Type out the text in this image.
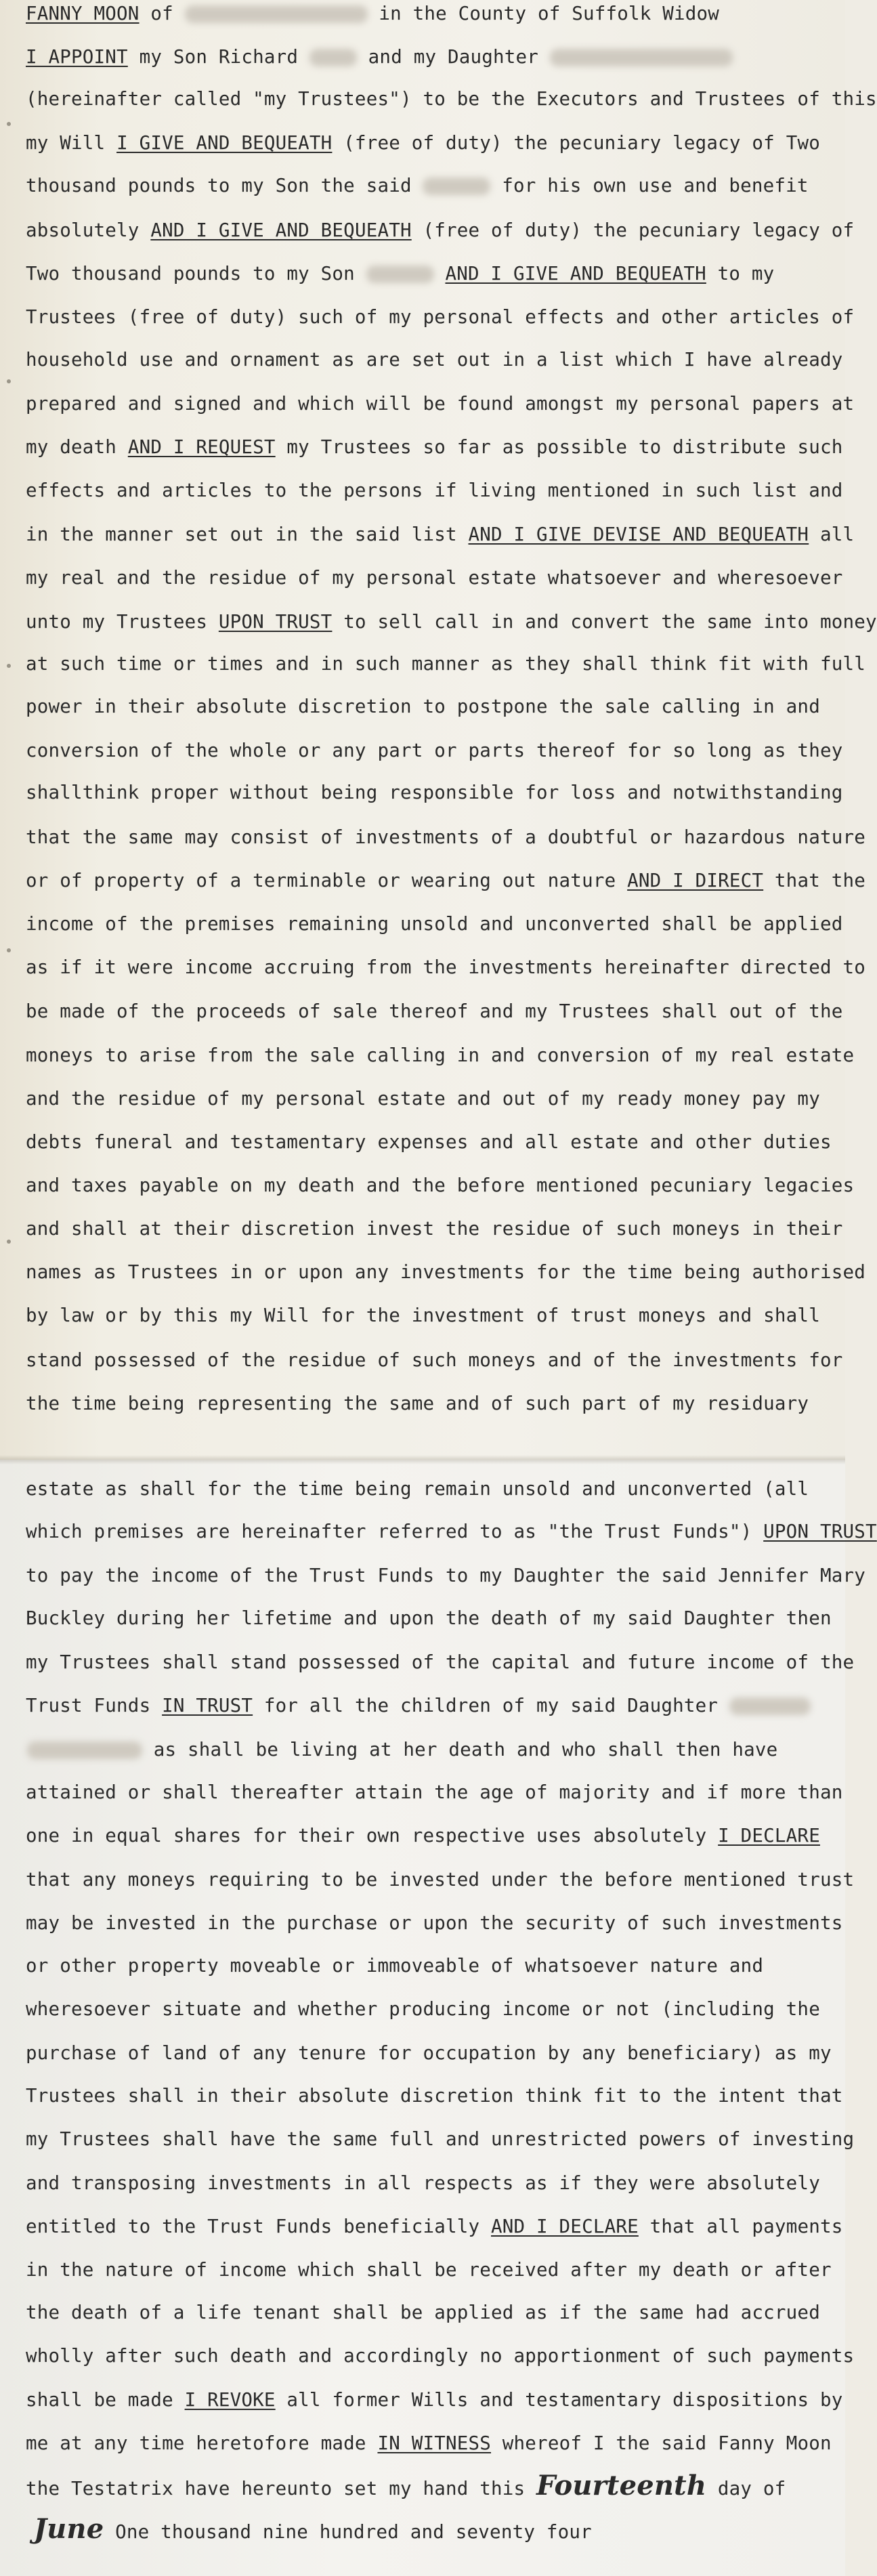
FANNY MOON of	in the County of Suffolk Widow
I APPOINT my Son Richard	and my Daughter
(hereinafter called "my Trustees") to be the Executors and Trustees of this
my Will I GIVE AND BEQUEATH (free of duty) the pecuniary legacy of Two
thousand pounds to my Son the said	for his own use and benefit
absolutely AND I GIVE AND BEQUEATH (free of duty) the pecuniary legacy of
Two thousand pounds to my Son	AND I GIVE AND BEQUEATH to my
Trustees (free of duty) such of my personal effects and other articles of
household use and ornament as are set out in a list which I have already
prepared and signed and which will be found amongst my personal papers at
my death AND I REQUEST my Trustees so far as possible to distribute such
effects and articles to the persons if living mentioned in such list and
in the manner set out in the said list AND I GIVE DEVISE AND BEQUEATH all
my real and the residue of my personal estate whatsoever and wheresoever
unto my Trustees UPON TRUST to sell call in and convert the same into money
at such time or times and in such manner as they shall think fit with full
power in their absolute discretion to postpone the sale calling in and
conversion of the whole or any part or parts thereof for so long as they
shallthink proper without being responsible for loss and notwithstanding
that the same may consist of investments of a doubtful or hazardous nature
or of property of a terminable or wearing out nature AND I DIRECT that the
income of the premises remaining unsold and unconverted shall be applied
as if it were income accruing from the investments hereinafter directed to
be made of the proceeds of sale thereof and my Trustees shall out of the
moneys to arise from the sale calling in and conversion of my real estate
and the residue of my personal estate and out of my ready money pay my
debts funeral and testamentary expenses and all estate and other duties
and taxes payable on my death and the before mentioned pecuniary legacies
and shall at their discretion invest the residue of such moneys in their
names as Trustees in or upon any investments for the time being authorised
by law or by this my Will for the investment of trust moneys and shall
stand possessed of the residue of such moneys and of the investments for
the time being representing the same and of such part of my residuary
estate as shall for the time being remain unsold and unconverted (all
which premises are hereinafter referred to as "the Trust Funds") UPON TRUST
to pay the income of the Trust Funds to my Daughter the said Jennifer Mary
Buckley during her lifetime and upon the death of my said Daughter then
my Trustees shall stand possessed of the capital and future income of the
Trust Funds IN TRUST for all the children of my said Daughter
as shall be living at her death and who shall then have
attained or shall thereafter attain the age of majority and if more than
one in equal shares for their own respective uses absolutely I DECLARE
that any moneys requiring to be invested under the before mentioned trust
may be invested in the purchase or upon the security of such investments
or other property moveable or immoveable of whatsoever nature and
wheresoever situate and whether producing income or not (including the
purchase of land of any tenure for occupation by any beneficiary) as my
Trustees shall in their absolute discretion think fit to the intent that
my Trustees shall have the same full and unrestricted powers of investing
and transposing investments in all respects as if they were absolutely
entitled to the Trust Funds beneficially AND I DECLARE that all payments
in the nature of income which shall be received after my death or after
the death of a life tenant shall be applied as if the same had accrued
wholly after such death and accordingly no apportionment of such payments
shall be made I REVOKE all former Wills and testamentary dispositions by
me at any time heretofore made IN WITNESS whereof I the said Fanny Moon
the Testatrix have hereunto set my hand this Fourteenth day of
June One thousand nine hundred and seventy four
